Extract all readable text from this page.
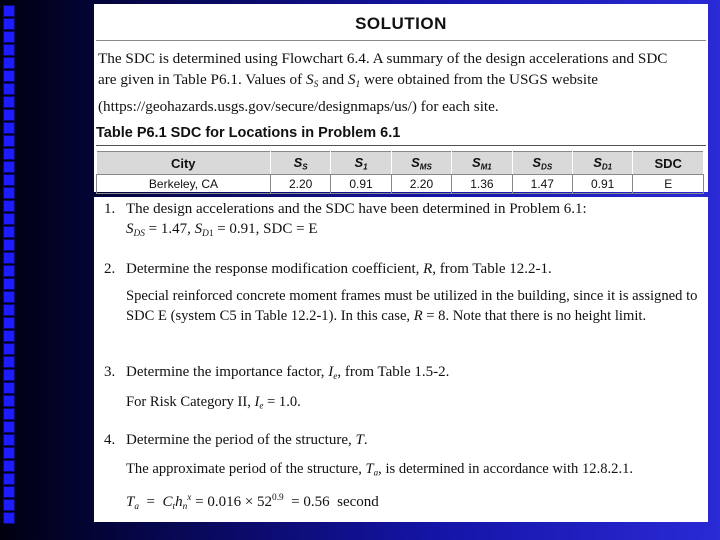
SOLUTION
The SDC is determined using Flowchart 6.4. A summary of the design accelerations and SDC
are given in Table P6.1. Values of $S_S$ and $S_1$ were obtained from the USGS website
(https://geohazards.usgs.gov/secure/designmaps/us/) for each site.
Table P6.1 SDC for Locations in Problem 6.1
City	$S_S$	$S_1$	$S_{MS}$	$S_{M1}$	$S_{DS}$	$S_{D1}$	SDC
Berkeley, CA	2.20	0.91	2.20	1.36	1.47	0.91	E
1. The design accelerations and the SDC have been determined in Problem 6.1:
$S_{DS} = 1.47$, $S_{D1} = 0.91$, SDC = E
2. Determine the response modification coefficient, R, from Table 12.2-1.
Special reinforced concrete moment frames must be utilized in the building, since it is assigned to SDC E (system C5 in Table 12.2-1). In this case, R = 8. Note that there is no height limit.
3. Determine the importance factor, $I_e$, from Table 1.5-2.
For Risk Category II, $I_e = 1.0$.
4. Determine the period of the structure, T.
The approximate period of the structure, $T_a$, is determined in accordance with 12.8.2.1.
$T_a = C_th_n^x = 0.016 \times 52^{0.9} = 0.56$  second
